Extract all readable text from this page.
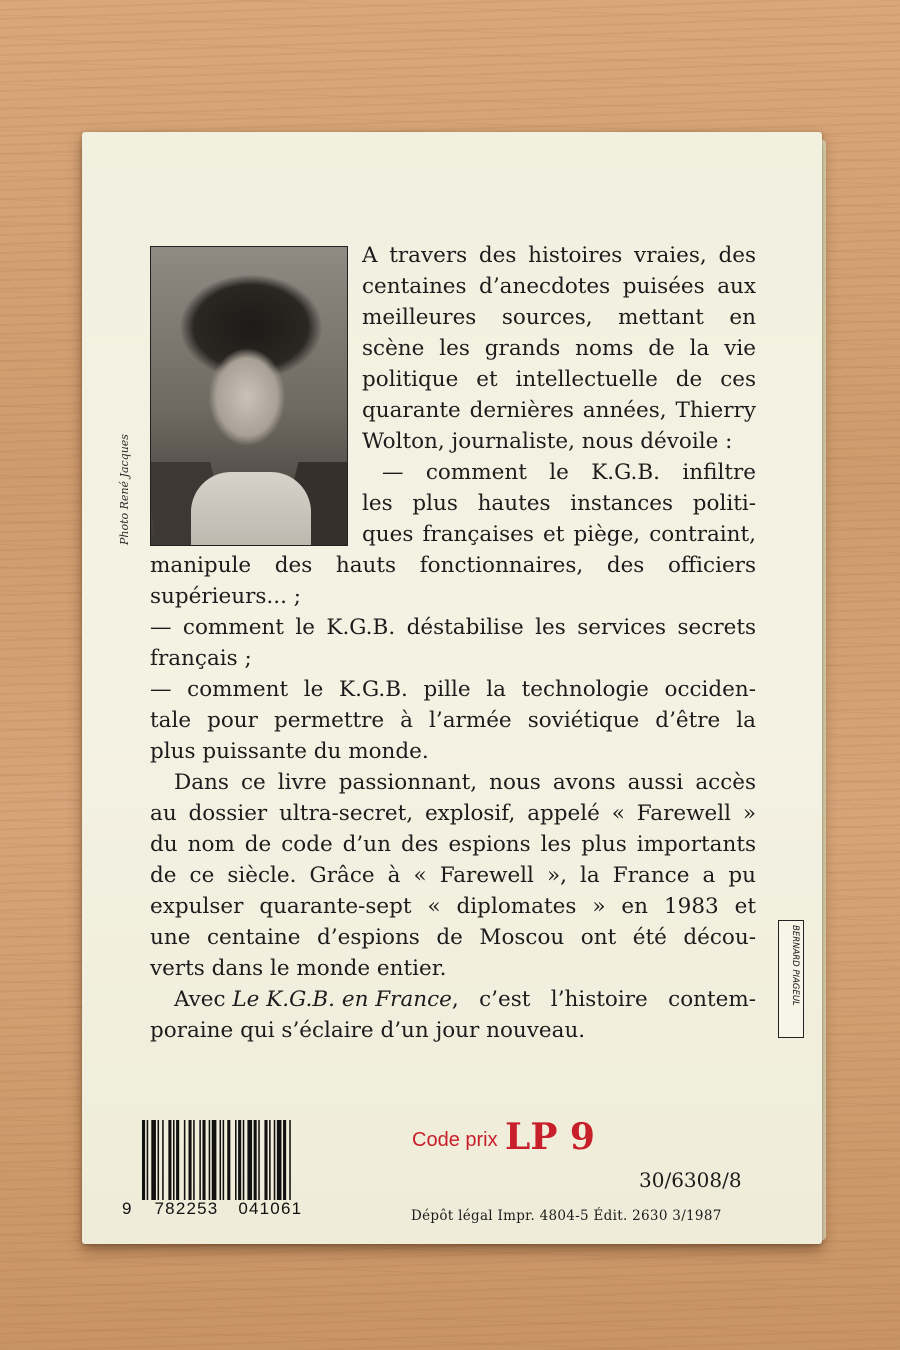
Photo René Jacques
A travers des histoires vraies, des
centaines d’anecdotes puisées aux
meilleures sources, mettant en
scène les grands noms de la vie
politique et intellectuelle de ces
quarante dernières années, Thierry
Wolton, journaliste, nous dévoile :
— comment le K.G.B. infiltre
les plus hautes instances politi-
ques françaises et piège, contraint,
manipule des hauts fonctionnaires, des officiers
supérieurs... ;
— comment le K.G.B. déstabilise les services secrets
français ;
— comment le K.G.B. pille la technologie occiden-
tale pour permettre à l’armée soviétique d’être la
plus puissante du monde.
Dans ce livre passionnant, nous avons aussi accès
au dossier ultra-secret, explosif, appelé « Farewell »
du nom de code d’un des espions les plus importants
de ce siècle. Grâce à « Farewell », la France a pu
expulser quarante-sept « diplomates » en 1983 et
une centaine d’espions de Moscou ont été décou-
verts dans le monde entier.
Avec Le K.G.B. en France , c’est l’histoire contem-
poraine qui s’éclaire d’un jour nouveau.
BERNARD PIAGEUL
9 782253 041061
Code prix LP 9
30/6308/8
Dépôt légal Impr. 4804-5 Édit. 2630 3/1987
